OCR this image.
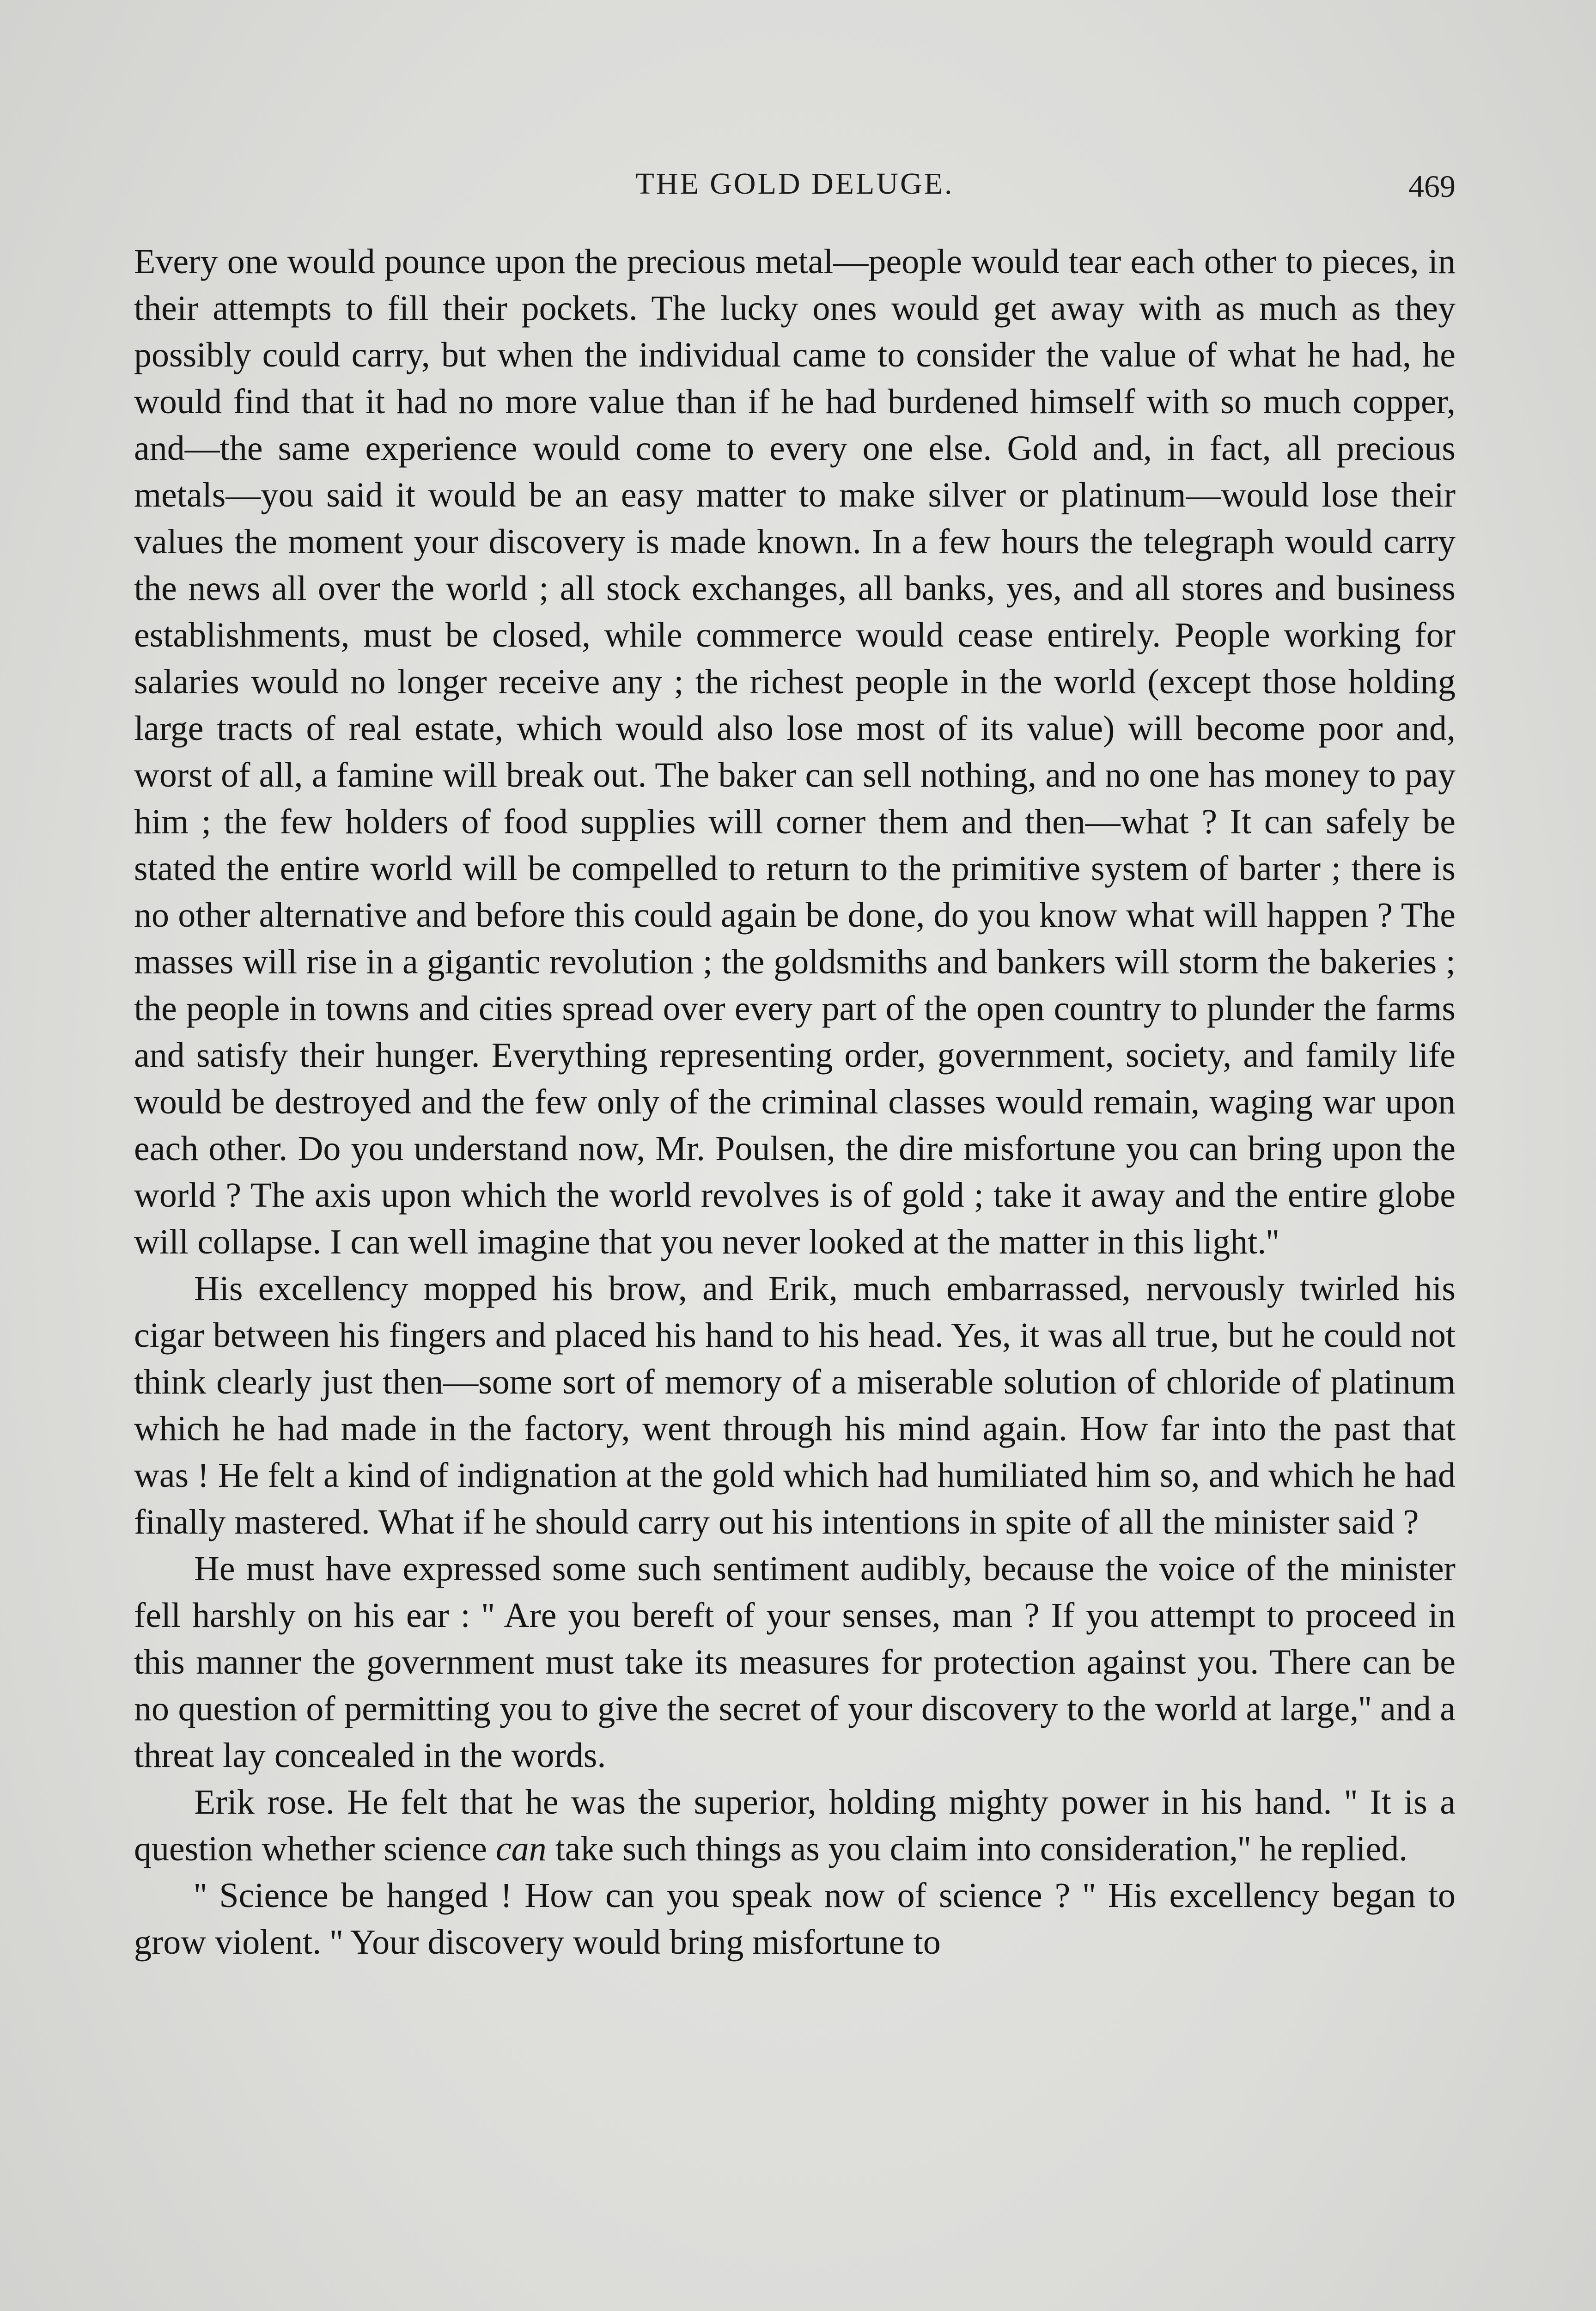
THE GOLD DELUGE.	469

Every one would pounce upon the precious metal—people would tear each other to pieces, in their attempts to fill their pockets. The lucky ones would get away with as much as they possibly could carry, but when the individual came to consider the value of what he had, he would find that it had no more value than if he had burdened himself with so much copper, and—the same experience would come to every one else. Gold and, in fact, all precious metals—you said it would be an easy matter to make silver or platinum—would lose their values the moment your discovery is made known. In a few hours the telegraph would carry the news all over the world ; all stock exchanges, all banks, yes, and all stores and business establishments, must be closed, while commerce would cease entirely. People working for salaries would no longer receive any ; the richest people in the world (except those holding large tracts of real estate, which would also lose most of its value) will become poor and, worst of all, a famine will break out. The baker can sell nothing, and no one has money to pay him ; the few holders of food supplies will corner them and then—what ? It can safely be stated the entire world will be compelled to return to the primitive system of barter ; there is no other alternative and before this could again be done, do you know what will happen ? The masses will rise in a gigantic revolution ; the goldsmiths and bankers will storm the bakeries ; the people in towns and cities spread over every part of the open country to plunder the farms and satisfy their hunger. Everything representing order, government, society, and family life would be destroyed and the few only of the criminal classes would remain, waging war upon each other. Do you understand now, Mr. Poulsen, the dire misfortune you can bring upon the world ? The axis upon which the world revolves is of gold ; take it away and the entire globe will collapse. I can well imagine that you never looked at the matter in this light.''

His excellency mopped his brow, and Erik, much embarrassed, nervously twirled his cigar between his fingers and placed his hand to his head. Yes, it was all true, but he could not think clearly just then—some sort of memory of a miserable solution of chloride of platinum which he had made in the factory, went through his mind again. How far into the past that was ! He felt a kind of indignation at the gold which had humiliated him so, and which he had finally mastered. What if he should carry out his intentions in spite of all the minister said ?

He must have expressed some such sentiment audibly, because the voice of the minister fell harshly on his ear : '' Are you bereft of your senses, man ? If you attempt to proceed in this manner the government must take its measures for protection against you. There can be no question of permitting you to give the secret of your discovery to the world at large,'' and a threat lay concealed in the words.

Erik rose. He felt that he was the superior, holding mighty power in his hand. '' It is a question whether science can take such things as you claim into consideration,'' he replied.

'' Science be hanged ! How can you speak now of science ? '' His excellency began to grow violent. '' Your discovery would bring misfortune to
